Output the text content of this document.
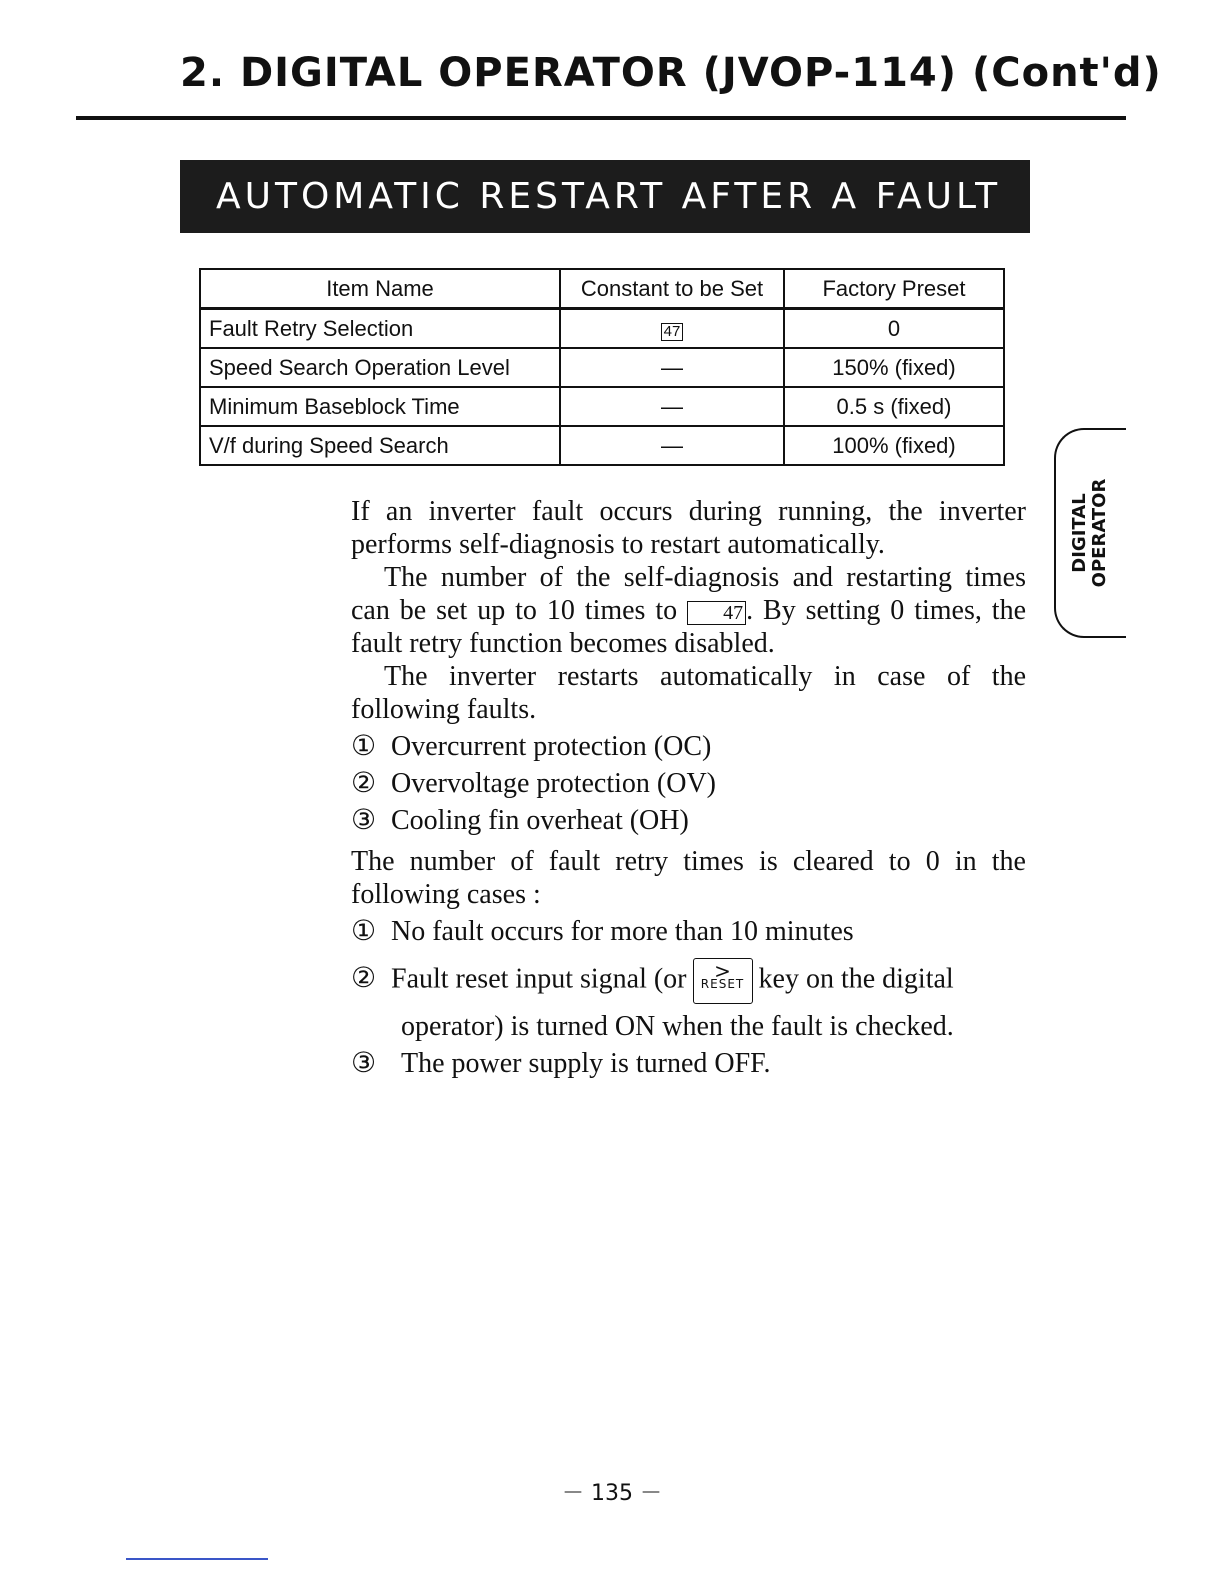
2. DIGITAL OPERATOR (JVOP-114) (Cont'd)
AUTOMATIC RESTART AFTER A FAULT
Item Name	Constant to be Set	Factory Preset
Fault Retry Selection	47	0
Speed Search Operation Level	—	150% (fixed)
Minimum Baseblock Time	—	0.5 s (fixed)
V/f during Speed Search	—	100% (fixed)
DIGITAL OPERATOR

If an inverter fault occurs during running, the inverter performs self-diagnosis to restart automatically.

The number of the self-diagnosis and restarting times can be set up to 10 times to 47 . By setting 0 times, the fault retry function becomes disabled.

The inverter restarts automatically in case of the following faults.

① Overcurrent protection (OC)
② Overvoltage protection (OV)
③ Cooling fin overheat (OH)

The number of fault retry times is cleared to 0 in the following cases :

① No fault occurs for more than 10 minutes
② Fault reset input signal (or	>
RESET key on the digital
operator) is turned ON when the fault is checked.
③ The power supply is turned OFF.
－ 135 －
